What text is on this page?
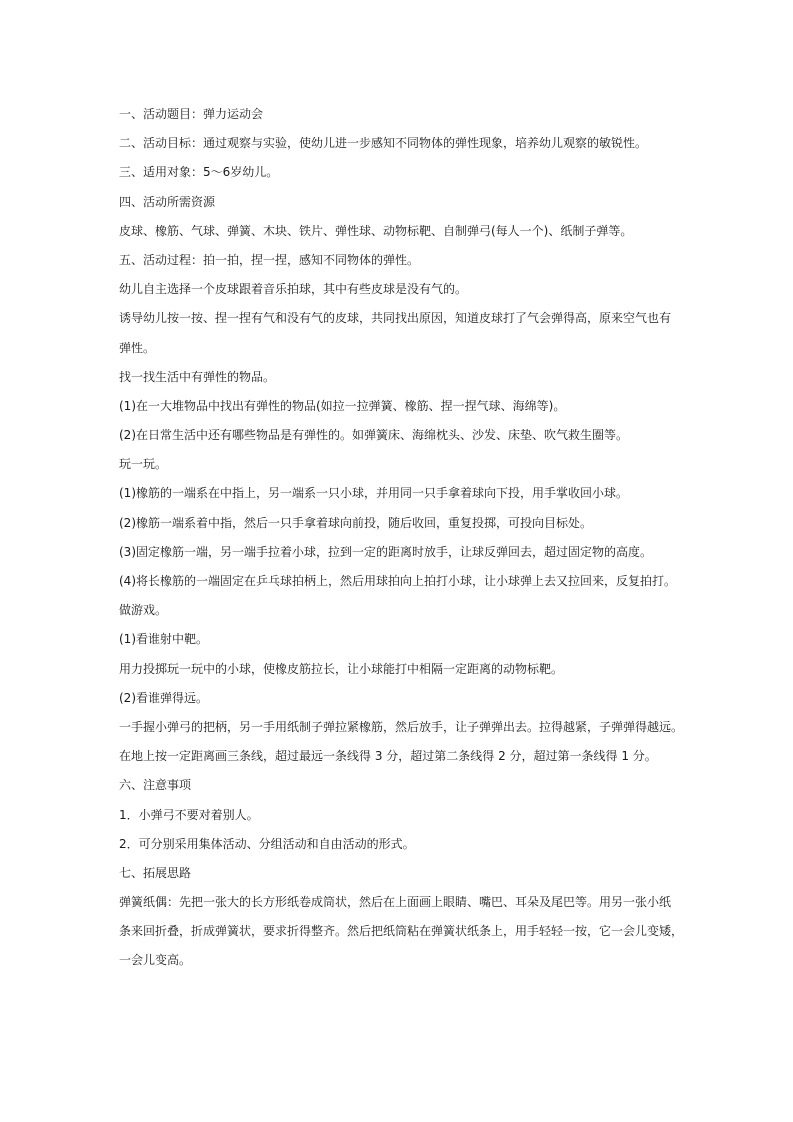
一、活动题目：弹力运动会
二、活动目标：通过观察与实验，使幼儿进一步感知不同物体的弹性现象，培养幼儿观察的敏锐性。
三、适用对象：5～6岁幼儿。
四、活动所需资源
皮球、橡筋、气球、弹簧、木块、铁片、弹性球、动物标靶、自制弹弓(每人一个)、纸制子弹等。
五、活动过程：拍一拍，捏一捏，感知不同物体的弹性。
幼儿自主选择一个皮球跟着音乐拍球，其中有些皮球是没有气的。
诱导幼儿按一按、捏一捏有气和没有气的皮球，共同找出原因，知道皮球打了气会弹得高，原来空气也有
弹性。
找一找生活中有弹性的物品。
(1)在一大堆物品中找出有弹性的物品(如拉一拉弹簧、橡筋、捏一捏气球、海绵等)。
(2)在日常生活中还有哪些物品是有弹性的。如弹簧床、海绵枕头、沙发、床垫、吹气救生圈等。
玩一玩。
(1)橡筋的一端系在中指上，另一端系一只小球，并用同一只手拿着球向下投，用手掌收回小球。
(2)橡筋一端系着中指，然后一只手拿着球向前投，随后收回，重复投掷，可投向目标处。
(3)固定橡筋一端，另一端手拉着小球，拉到一定的距离时放手，让球反弹回去，超过固定物的高度。
(4)将长橡筋的一端固定在乒乓球拍柄上，然后用球拍向上拍打小球，让小球弹上去又拉回来，反复拍打。
做游戏。
(1)看谁射中靶。
用力投掷玩一玩中的小球，使橡皮筋拉长，让小球能打中相隔一定距离的动物标靶。
(2)看谁弹得远。
一手握小弹弓的把柄，另一手用纸制子弹拉紧橡筋，然后放手，让子弹弹出去。拉得越紧，子弹弹得越远。
在地上按一定距离画三条线，超过最远一条线得 3 分，超过第二条线得 2 分，超过第一条线得 1 分。
六、注意事项
1．小弹弓不要对着别人。
2．可分别采用集体活动、分组活动和自由活动的形式。
七、拓展思路
弹簧纸偶：先把一张大的长方形纸卷成筒状，然后在上面画上眼睛、嘴巴、耳朵及尾巴等。用另一张小纸
条来回折叠，折成弹簧状，要求折得整齐。然后把纸筒粘在弹簧状纸条上，用手轻轻一按，它一会儿变矮，
一会儿变高。
